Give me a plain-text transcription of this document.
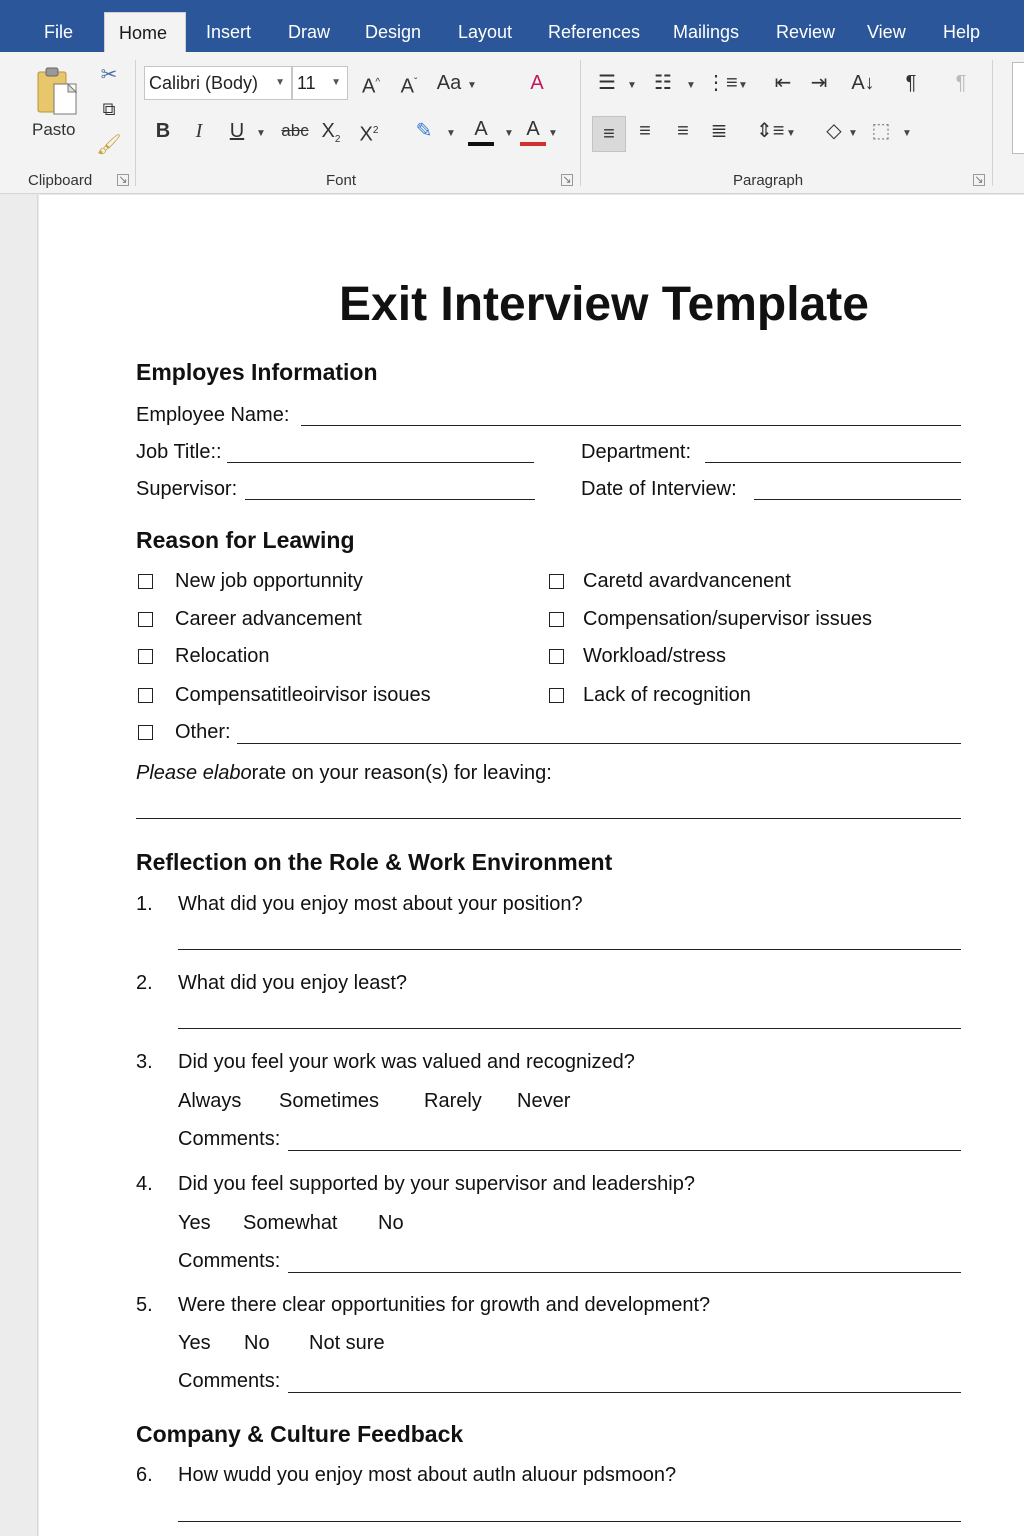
File	Home	Insert	Draw	Design	Layout	References	Mailings	Review	View	Help
Pasto
✂
⧉
🖌
Clipboard ↘
Calibri (Body) ▼ 11 ▼ A^ $A^ˇ$ Aa ▼	A
B	I	U	▼ abc $X_2$ $X^2$ ✎	▼ A	▼ A ▼
Font	↘
☰	▼ ☷	▼ ⋮≡ ▼ ⇤ ⇥ A↓	¶	¶
≡	≡	≡	≣ ⇕≡ ▼	◇ ▼ ⬚	▼
Paragraph	↘
Exit Interview Template
Employes Information
Employee Name:
Job Title::	Department:
Supervisor:	Date of Interview:
Reason for Leawing
New job opportunnity
Career advancement
Relocation
Compensatitleoirvisor isoues
Caretd avardvancenent
Compensation/supervisor issues
Workload/stress
Lack of recognition
Other:
Please elaborate on your reason(s) for leaving:
Reflection on the Role & Work Environment
1. What did you enjoy most about your position?
2. What did you enjoy least?
3. Did you feel your work was valued and recognized?
Always Sometimes Rarely Never
Comments:
4. Did you feel supported by your supervisor and leadership?
Yes Somewhat No
Comments:
5. Were there clear opportunities for growth and development?
Yes No Not sure
Comments:
Company & Culture Feedback
6. How wudd you enjoy most about autln aluour pdsmoon?
